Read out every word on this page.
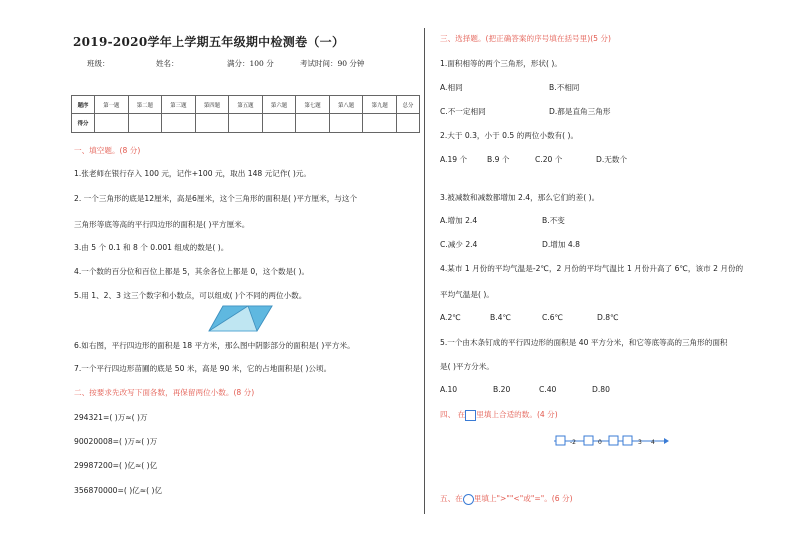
2019-2020学年上学期五年级期中检测卷（一）
班级：	姓名：	满分：100 分	考试时间：90 分钟
题序	第一题	第二题	第三题	第四题	第五题	第六题	第七题	第八题	第九题	总分
得分										
一、填空题。(8 分)
1.张老师在银行存入 100 元，记作+100 元，取出 148 元记作( )元。
2. 一个三角形的底是12厘米，高是6厘米，这个三角形的面积是( )平方厘米，与这个
三角形等底等高的平行四边形的面积是( )平方厘米。
3.由 5 个 0.1 和 8 个 0.001 组成的数是( )。
4.一个数的百分位和百位上都是 5，其余各位上都是 0，这个数是( )。
5.用 1、2、3 这三个数字和小数点，可以组成( )个不同的两位小数。
6.如右图，平行四边形的面积是 18 平方米，那么图中阴影部分的面积是( )平方米。
7.一个平行四边形苗圃的底是 50 米，高是 90 米，它的占地面积是( )公顷。
二、按要求先改写下面各数，再保留两位小数。(8 分)
294321=( )万≈( )万
90020008=( )万≈( )万
29987200=( )亿≈( )亿
356870000=( )亿≈( )亿
三、选择题。(把正确答案的序号填在括号里)(5 分)
1.面积相等的两个三角形，形状( )。
A.相同	B.不相同
C.不一定相同	D.都是直角三角形
2.大于 0.3，小于 0.5 的两位小数有( )。
A.19 个	B.9 个	C.20 个	D.无数个
3.被减数和减数都增加 2.4，那么它们的差( )。
A.增加 2.4	B.不变
C.减少 2.4	D.增加 4.8
4.某市 1 月份的平均气温是-2℃，2 月份的平均气温比 1 月份升高了 6℃，该市 2 月份的
平均气温是( )。
A.2℃	B.4℃	C.6℃	D.8℃
5.一个由木条钉成的平行四边形的面积是 40 平方分米，和它等底等高的三角形的面积
是( )平方分米。
A.10	B.20	C.40	D.80
四、 在 里填上合适的数。(4 分)
-2	0	3 4
五、在 里填上">""<"或"="。(6 分)
